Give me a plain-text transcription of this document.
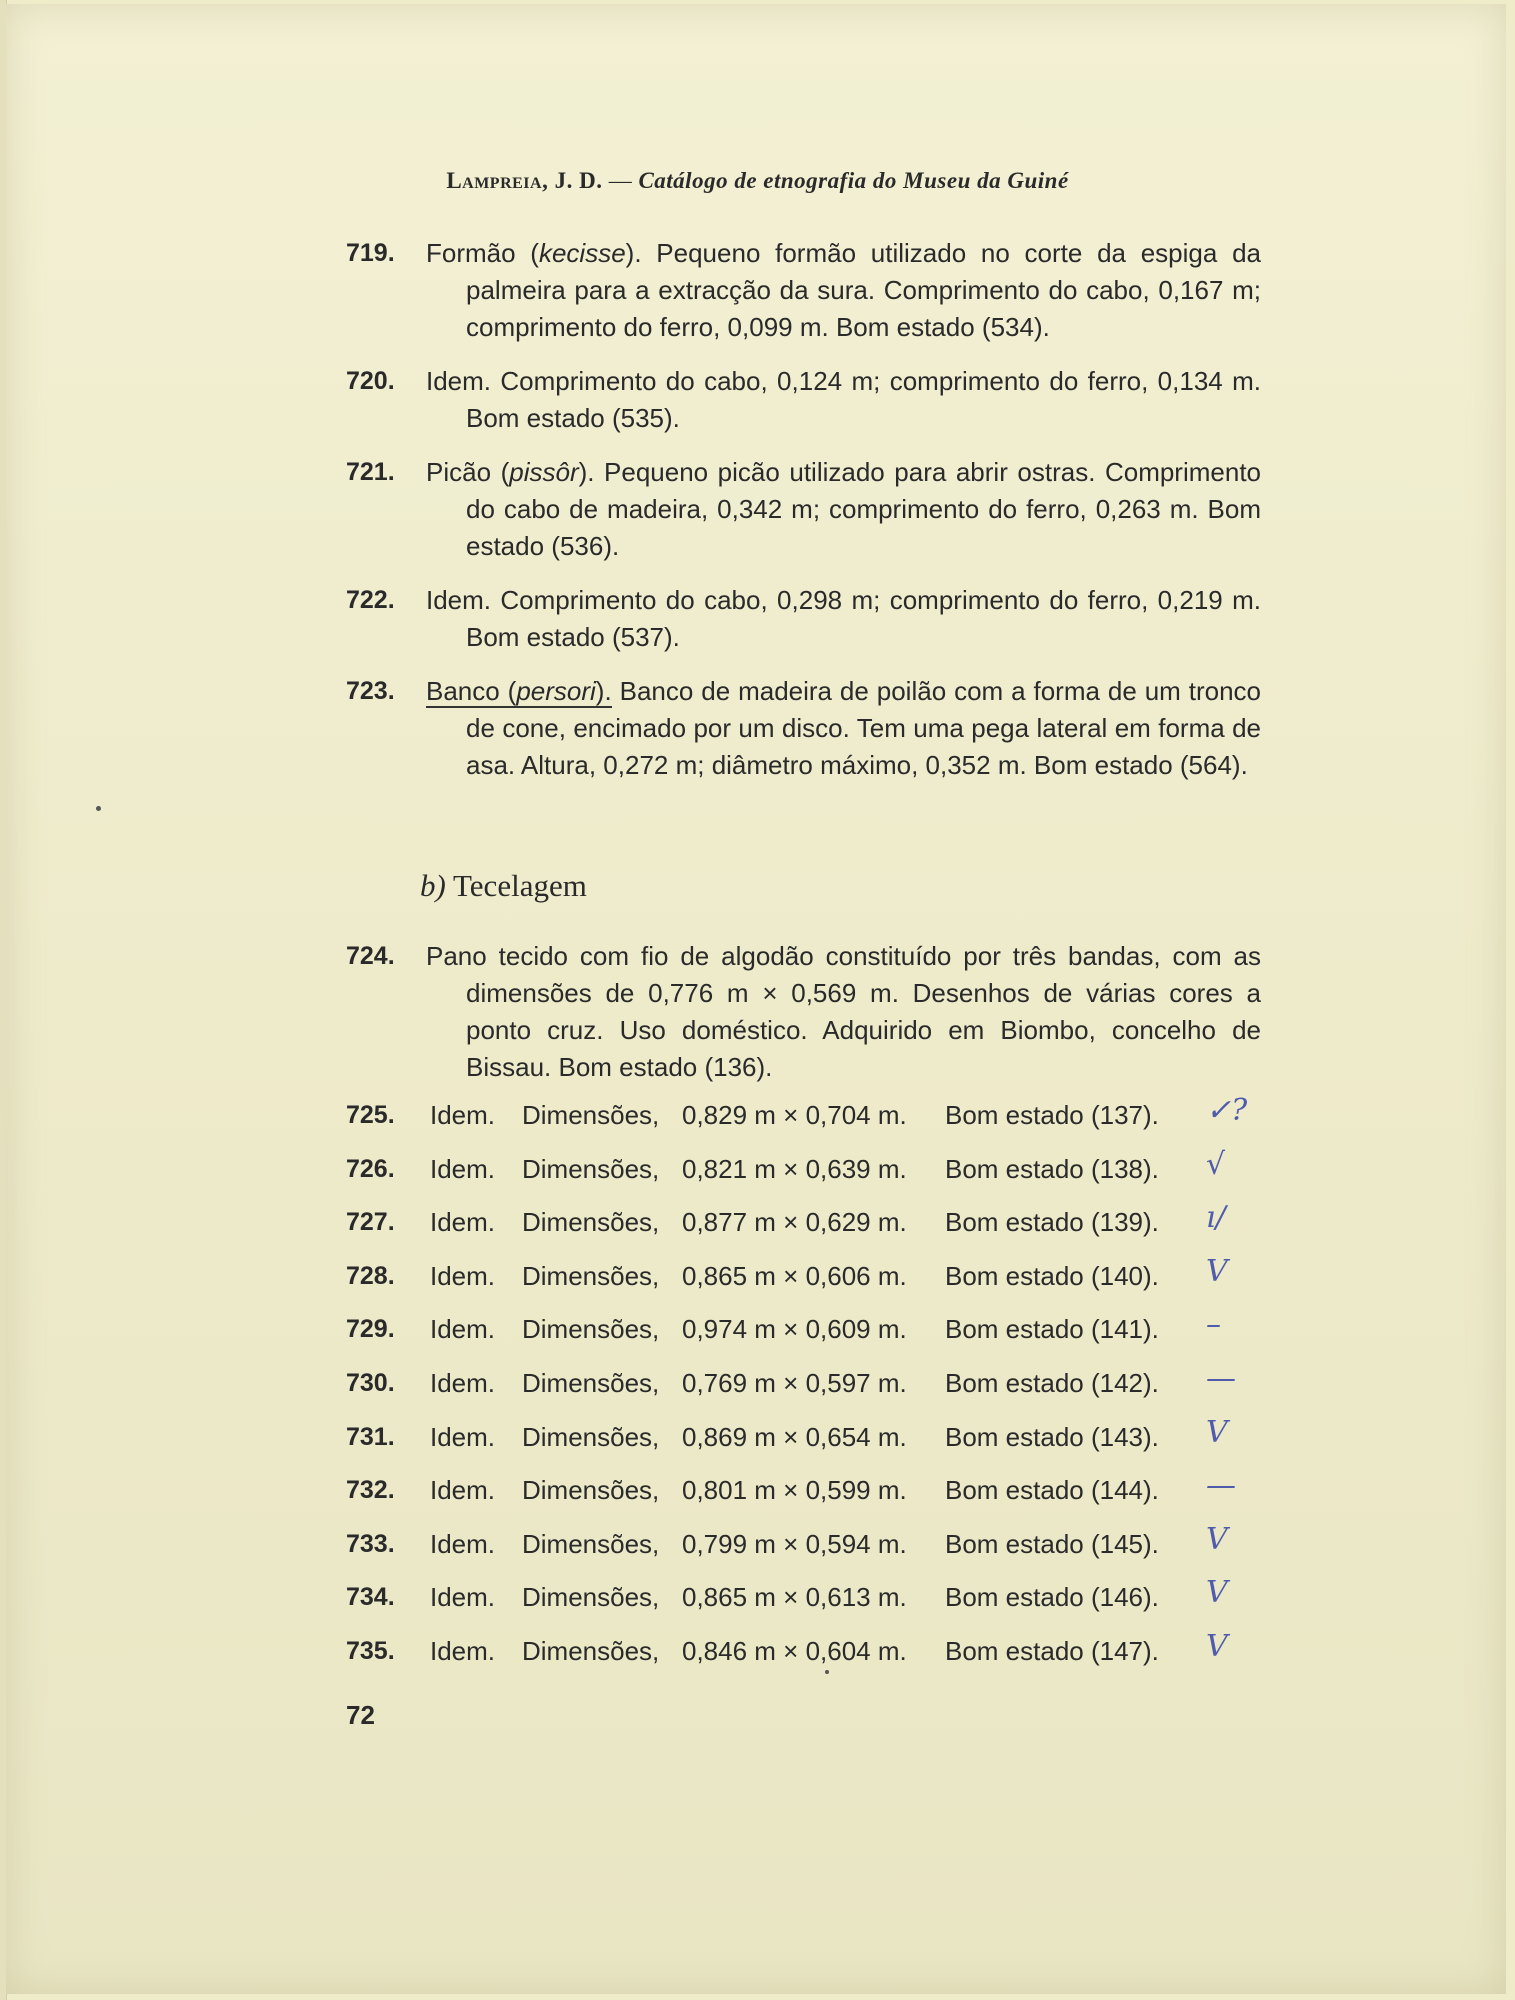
Lampreia, J. D. — Catálogo de etnografia do Museu da Guiné
719.	Formão (kecisse). Pequeno formão utilizado no corte da espiga da palmeira para a extracção da sura. Comprimento do cabo, 0,167 m; comprimento do ferro, 0,099 m. Bom estado (534).
720.	Idem. Comprimento do cabo, 0,124 m; comprimento do ferro, 0,134 m. Bom estado (535).
721.	Picão (pissôr). Pequeno picão utilizado para abrir ostras. Comprimento do cabo de madeira, 0,342 m; comprimento do ferro, 0,263 m. Bom estado (536).
722.	Idem. Comprimento do cabo, 0,298 m; comprimento do ferro, 0,219 m. Bom estado (537).
723.	Banco (persori). Banco de madeira de poilão com a forma de um tronco de cone, encimado por um disco. Tem uma pega lateral em forma de asa. Altura, 0,272 m; diâmetro máximo, 0,352 m. Bom estado (564).
b) Tecelagem
724.	Pano tecido com fio de algodão constituído por três bandas, com as dimensões de 0,776 m × 0,569 m. Desenhos de várias cores a ponto cruz. Uso doméstico. Adquirido em Biombo, concelho de Bissau. Bom estado (136).
725. Idem. Dimensões, 0,829 m × 0,704 m. Bom estado (137). ✓?
726. Idem. Dimensões, 0,821 m × 0,639 m. Bom estado (138). √
727. Idem. Dimensões, 0,877 m × 0,629 m. Bom estado (139). ı/
728. Idem. Dimensões, 0,865 m × 0,606 m. Bom estado (140). V
729. Idem. Dimensões, 0,974 m × 0,609 m. Bom estado (141). –
730. Idem. Dimensões, 0,769 m × 0,597 m. Bom estado (142). —
731. Idem. Dimensões, 0,869 m × 0,654 m. Bom estado (143). V
732. Idem. Dimensões, 0,801 m × 0,599 m. Bom estado (144). —
733. Idem. Dimensões, 0,799 m × 0,594 m. Bom estado (145). V
734. Idem. Dimensões, 0,865 m × 0,613 m. Bom estado (146). V
735. Idem. Dimensões, 0,846 m × 0,604 m. Bom estado (147). V
72
